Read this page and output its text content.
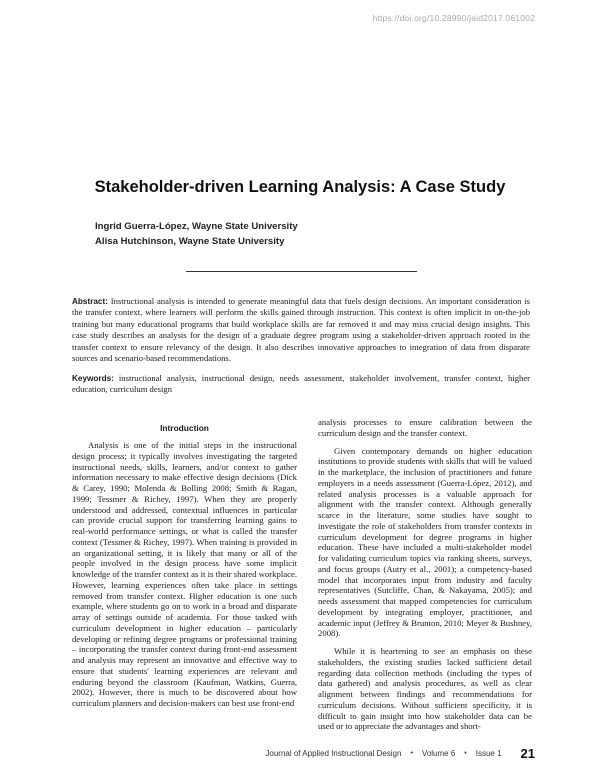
https://doi.org/10.28990/jaid2017.061002
Stakeholder-driven Learning Analysis: A Case Study
Ingrid Guerra-López, Wayne State University
Alisa Hutchinson, Wayne State University
Abstract: Instructional analysis is intended to generate meaningful data that fuels design decisions. An important consideration is the transfer context, where learners will perform the skills gained through instruction. This context is often implicit in on-the-job training but many educational programs that build workplace skills are far removed it and may miss crucial design insights. This case study describes an analysis for the design of a graduate degree program using a stakeholder-driven approach rooted in the transfer context to ensure relevancy of the design. It also describes innovative approaches to integration of data from disparate sources and scenario-based recommendations.
Keywords: instructional analysis, instructional design, needs assessment, stakeholder involvement, transfer context, higher education, curriculum design
Introduction

Analysis is one of the initial steps in the instructional design process; it typically involves investigating the targeted instructional needs, skills, learners, and/or context to gather information necessary to make effective design decisions (Dick & Carey, 1990; Molenda & Bolling 2008; Smith & Ragan, 1999; Tessmer & Richey, 1997). When they are properly understood and addressed, contextual influences in particular can provide crucial support for transferring learning gains to real-world performance settings, or what is called the transfer context (Tessmer & Richey, 1997). When training is provided in an organizational setting, it is likely that many or all of the people involved in the design process have some implicit knowledge of the transfer context as it is their shared workplace. However, learning experiences often take place in settings removed from transfer context. Higher education is one such example, where students go on to work in a broad and disparate array of settings outside of academia. For those tasked with curriculum development in higher education – particularly developing or refining degree programs or professional training – incorporating the transfer context during front-end assessment and analysis may represent an innovative and effective way to ensure that students' learning experiences are relevant and enduring beyond the classroom (Kaufman, Watkins, Guerra, 2002). However, there is much to be discovered about how curriculum planners and decision-makers can best use front-end

analysis processes to ensure calibration between the curriculum design and the transfer context.

Given contemporary demands on higher education institutions to provide students with skills that will be valued in the marketplace, the inclusion of practitioners and future employers in a needs assessment (Guerra-López, 2012), and related analysis processes is a valuable approach for alignment with the transfer context. Although generally scarce in the literature, some studies have sought to investigate the role of stakeholders from transfer contexts in curriculum development for degree programs in higher education. These have included a multi-stakeholder model for validating curriculum topics via ranking sheets, surveys, and focus groups (Autry et al., 2001); a competency-based model that incorporates input from industry and faculty representatives (Sutcliffe, Chan, & Nakayama, 2005); and needs assessment that mapped competencies for curriculum development by integrating employer, practitioner, and academic input (Jeffrey & Brunton, 2010; Meyer & Bushney, 2008).

While it is heartening to see an emphasis on these stakeholders, the existing studies lacked sufficient detail regarding data collection methods (including the types of data gathered) and analysis procedures, as well as clear alignment between findings and recommendations for curriculum decisions. Without sufficient specificity, it is difficult to gain insight into how stakeholder data can be used or to appreciate the advantages and short-

Journal of Applied Instructional Design • Volume 6 • Issue 1 21
